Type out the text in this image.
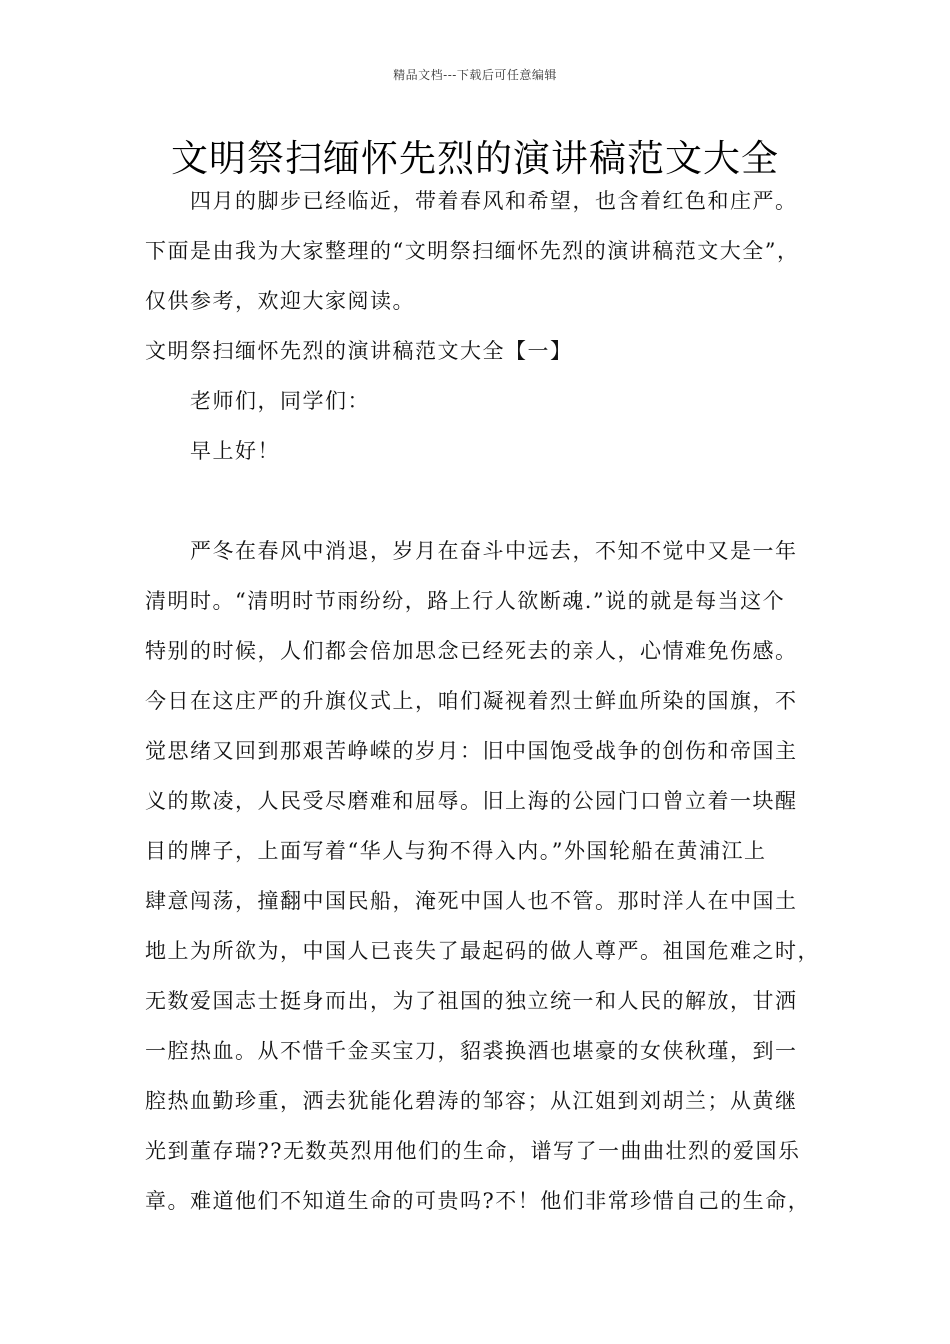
精品文档---下载后可任意编辑
文明祭扫缅怀先烈的演讲稿范文大全
四月的脚步已经临近，带着春风和希望，也含着红色和庄严。
下面是由我为大家整理的“文明祭扫缅怀先烈的演讲稿范文大全”，
仅供参考，欢迎大家阅读。
文明祭扫缅怀先烈的演讲稿范文大全【一】
老师们，同学们：
早上好！
严冬在春风中消退，岁月在奋斗中远去，不知不觉中又是一年
清明时。“清明时节雨纷纷，路上行人欲断魂.”说的就是每当这个
特别的时候，人们都会倍加思念已经死去的亲人，心情难免伤感。
今日在这庄严的升旗仪式上，咱们凝视着烈士鲜血所染的国旗，不
觉思绪又回到那艰苦峥嵘的岁月：旧中国饱受战争的创伤和帝国主
义的欺凌，人民受尽磨难和屈辱。旧上海的公园门口曾立着一块醒
目的牌子，上面写着“华人与狗不得入内。”外国轮船在黄浦江上
肆意闯荡，撞翻中国民船，淹死中国人也不管。那时洋人在中国土
地上为所欲为，中国人已丧失了最起码的做人尊严。祖国危难之时，
无数爱国志士挺身而出，为了祖国的独立统一和人民的解放，甘洒
一腔热血。从不惜千金买宝刀，貂裘换酒也堪豪的女侠秋瑾，到一
腔热血勤珍重，洒去犹能化碧涛的邹容；从江姐到刘胡兰；从黄继
光到董存瑞??无数英烈用他们的生命，谱写了一曲曲壮烈的爱国乐
章。难道他们不知道生命的可贵吗?不！他们非常珍惜自己的生命，
